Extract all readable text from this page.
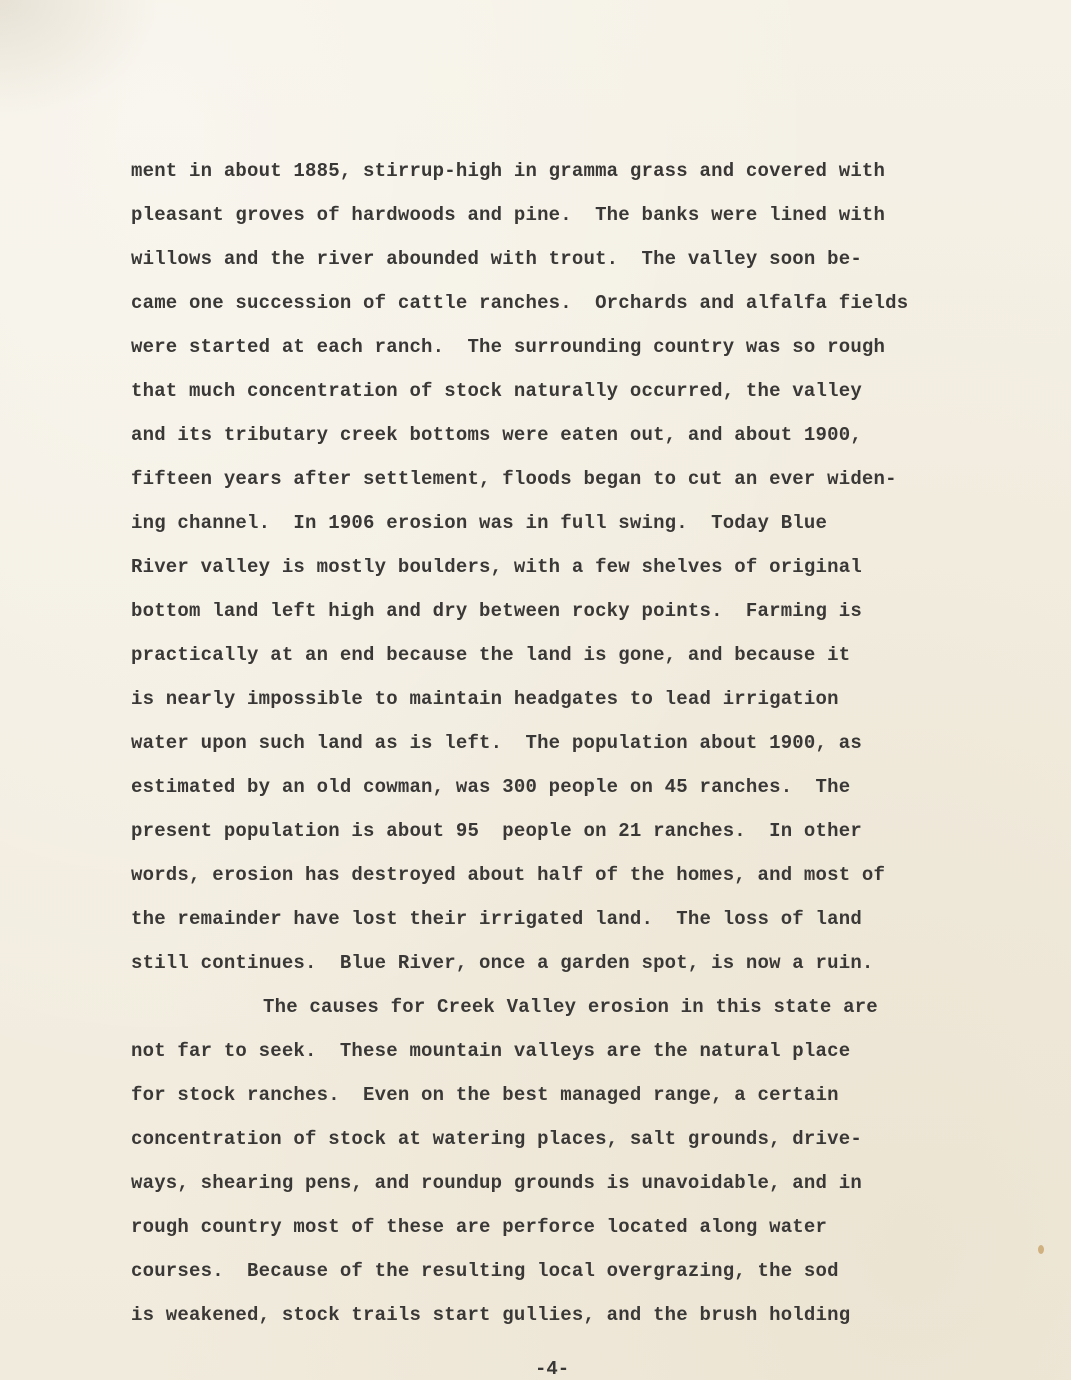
ment in about 1885, stirrup-high in gramma grass and covered with
pleasant groves of hardwoods and pine.  The banks were lined with
willows and the river abounded with trout.  The valley soon be-
came one succession of cattle ranches.  Orchards and alfalfa fields
were started at each ranch.  The surrounding country was so rough
that much concentration of stock naturally occurred, the valley
and its tributary creek bottoms were eaten out, and about 1900,
fifteen years after settlement, floods began to cut an ever widen-
ing channel.  In 1906 erosion was in full swing.  Today Blue
River valley is mostly boulders, with a few shelves of original
bottom land left high and dry between rocky points.  Farming is
practically at an end because the land is gone, and because it
is nearly impossible to maintain headgates to lead irrigation
water upon such land as is left.  The population about 1900, as
estimated by an old cowman, was 300 people on 45 ranches.  The
present population is about 95  people on 21 ranches.  In other
words, erosion has destroyed about half of the homes, and most of
the remainder have lost their irrigated land.  The loss of land
still continues.  Blue River, once a garden spot, is now a ruin.
The causes for Creek Valley erosion in this state are
not far to seek.  These mountain valleys are the natural place
for stock ranches.  Even on the best managed range, a certain
concentration of stock at watering places, salt grounds, drive-
ways, shearing pens, and roundup grounds is unavoidable, and in
rough country most of these are perforce located along water
courses.  Because of the resulting local overgrazing, the sod
is weakened, stock trails start gullies, and the brush holding
-4-
